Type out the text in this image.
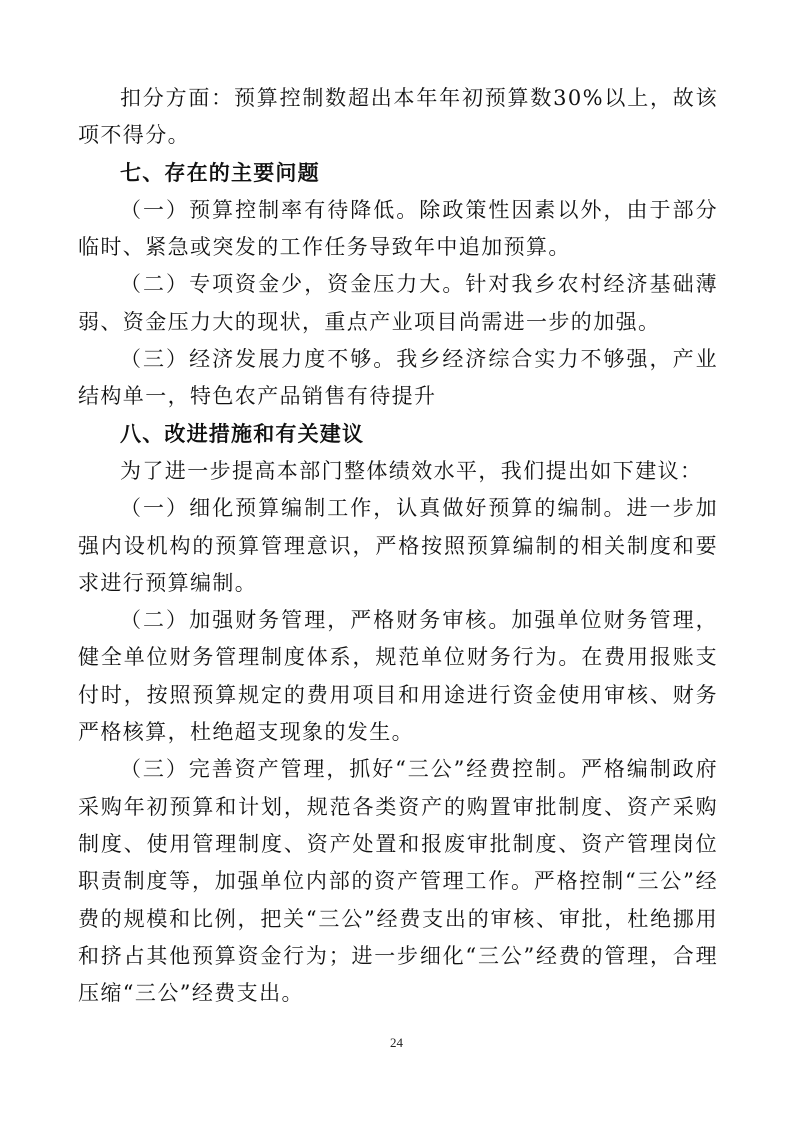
扣分方面：预算控制数超出本年年初预算数30%以上，故该项不得分。

七、存在的主要问题

（一）预算控制率有待降低。除政策性因素以外，由于部分临时、紧急或突发的工作任务导致年中追加预算。

（二）专项资金少，资金压力大。针对我乡农村经济基础薄弱、资金压力大的现状，重点产业项目尚需进一步的加强。

（三）经济发展力度不够。我乡经济综合实力不够强，产业结构单一，特色农产品销售有待提升

八、改进措施和有关建议

为了进一步提高本部门整体绩效水平，我们提出如下建议：

（一）细化预算编制工作，认真做好预算的编制。进一步加强内设机构的预算管理意识，严格按照预算编制的相关制度和要求进行预算编制。

（二）加强财务管理，严格财务审核。加强单位财务管理，健全单位财务管理制度体系，规范单位财务行为。在费用报账支付时，按照预算规定的费用项目和用途进行资金使用审核、财务严格核算，杜绝超支现象的发生。

（三）完善资产管理，抓好“三公”经费控制。严格编制政府采购年初预算和计划，规范各类资产的购置审批制度、资产采购制度、使用管理制度、资产处置和报废审批制度、资产管理岗位职责制度等，加强单位内部的资产管理工作。严格控制“三公”经费的规模和比例，把关“三公”经费支出的审核、审批，杜绝挪用和挤占其他预算资金行为；进一步细化“三公”经费的管理，合理压缩“三公”经费支出。

24
